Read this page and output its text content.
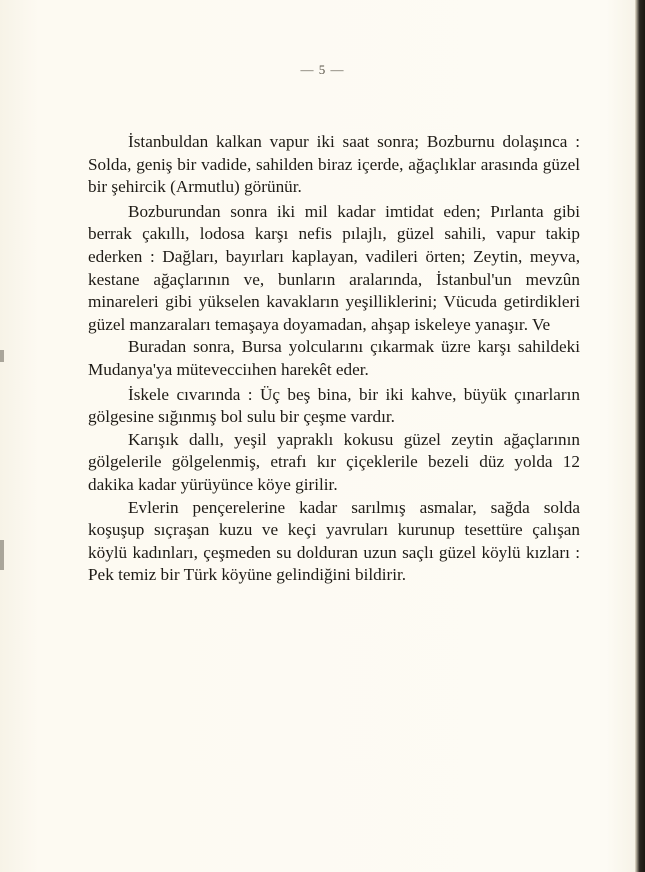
— 5 —

İstanbuldan kalkan vapur iki saat sonra; Bozburnu dolaşınca : Solda, geniş bir vadide, sahilden biraz içerde, ağaçlıklar arasında güzel bir şehircik (Armutlu) görünür.

Bozburundan sonra iki mil kadar imtidat eden; Pırlanta gibi berrak çakıllı, lodosa karşı nefis pılajlı, güzel sahili, vapur takip ederken : Dağları, bayırları kaplayan, vadileri örten; Zeytin, meyva, kestane ağaçlarının ve, bunların aralarında, İstanbul'un mevzûn minareleri gibi yükselen kavakların yeşilliklerini; Vücuda getirdikleri güzel manzaraları temaşaya doyamadan, ahşap iskeleye yanaşır. Ve

Buradan sonra, Bursa yolcularını çıkarmak üzre karşı sahildeki Mudanya'ya mütevecciıhen harekêt eder.

İskele cıvarında : Üç beş bina, bir iki kahve, büyük çınarların gölgesine sığınmış bol sulu bir çeşme vardır.

Karışık dallı, yeşil yapraklı kokusu güzel zeytin ağaçlarının gölgelerile gölgelenmiş, etrafı kır çiçeklerile bezeli düz yolda 12 dakika kadar yürüyünce köye girilir.

Evlerin pençerelerine kadar sarılmış asmalar, sağda solda koşuşup sıçraşan kuzu ve keçi yavruları kurunup tesettüre çalışan köylü kadınları, çeşmeden su dolduran uzun saçlı güzel köylü kızları : Pek temiz bir Türk köyüne gelindiğini bildirir.
